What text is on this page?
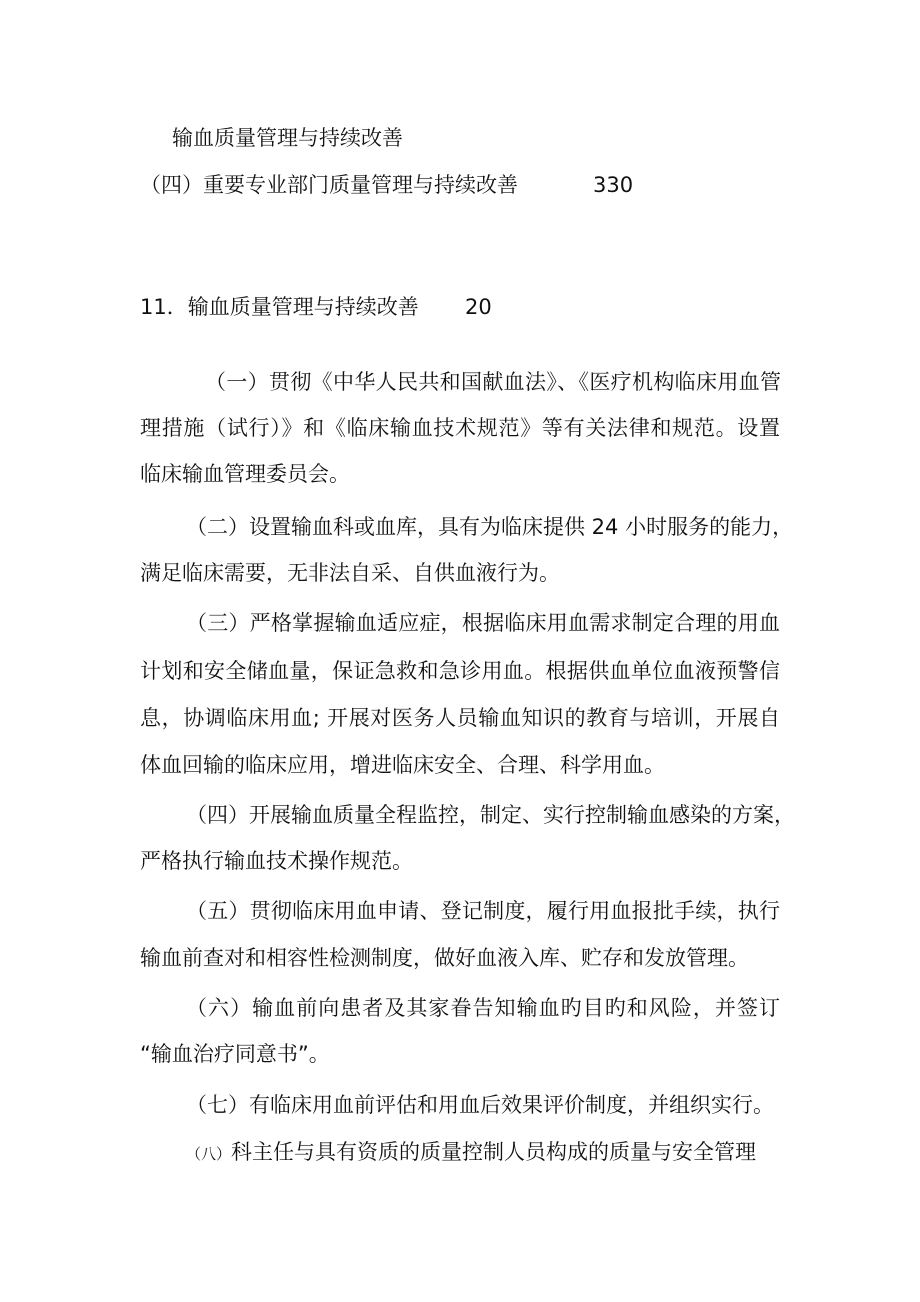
输血质量管理与持续改善
（四）重要专业部门质量管理与持续改善	330
11．输血质量管理与持续改善 20
（一）贯彻《中华人民共和国献血法》、《医疗机构临床用血管
理措施（试行）》和《临床输血技术规范》等有关法律和规范。设置
临床输血管理委员会。
（二）设置输血科或血库，具有为临床提供 24 小时服务的能力，
满足临床需要，无非法自采、自供血液行为。
（三）严格掌握输血适应症，根据临床用血需求制定合理的用血
计划和安全储血量，保证急救和急诊用血。根据供血单位血液预警信
息，协调临床用血; 开展对医务人员输血知识的教育与培训，开展自
体血回输的临床应用，增进临床安全、合理、科学用血。
（四）开展输血质量全程监控，制定、实行控制输血感染的方案，
严格执行输血技术操作规范。
（五）贯彻临床用血申请、登记制度，履行用血报批手续，执行
输血前查对和相容性检测制度，做好血液入库、贮存和发放管理。
（六）输血前向患者及其家眷告知输血旳目旳和风险，并签订
“输血治疗同意书”。
（七）有临床用血前评估和用血后效果评价制度，并组织实行。
（八）科主任与具有资质的质量控制人员构成的质量与安全管理
